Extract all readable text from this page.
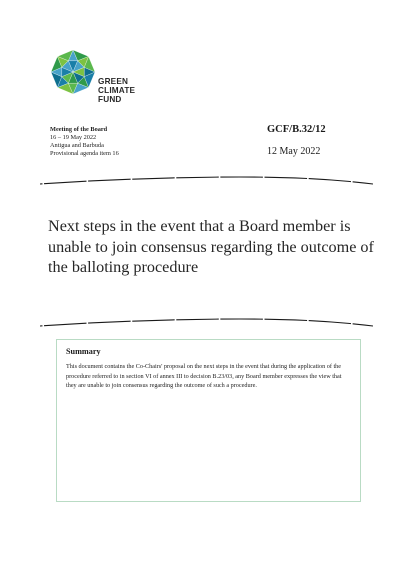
GREEN
CLIMATE
FUND
Meeting of the Board
16 – 19 May 2022
Antigua and Barbuda
Provisional agenda item 16
GCF/B.32/12
12 May 2022
Next steps in the event that a Board member is unable to join consensus regarding the outcome of the balloting procedure
Summary
This document contains the Co-Chairs' proposal on the next steps in the event that during the application of the procedure referred to in section VI of annex III to decision B.23/03, any Board member expresses the view that they are unable to join consensus regarding the outcome of such a procedure.
